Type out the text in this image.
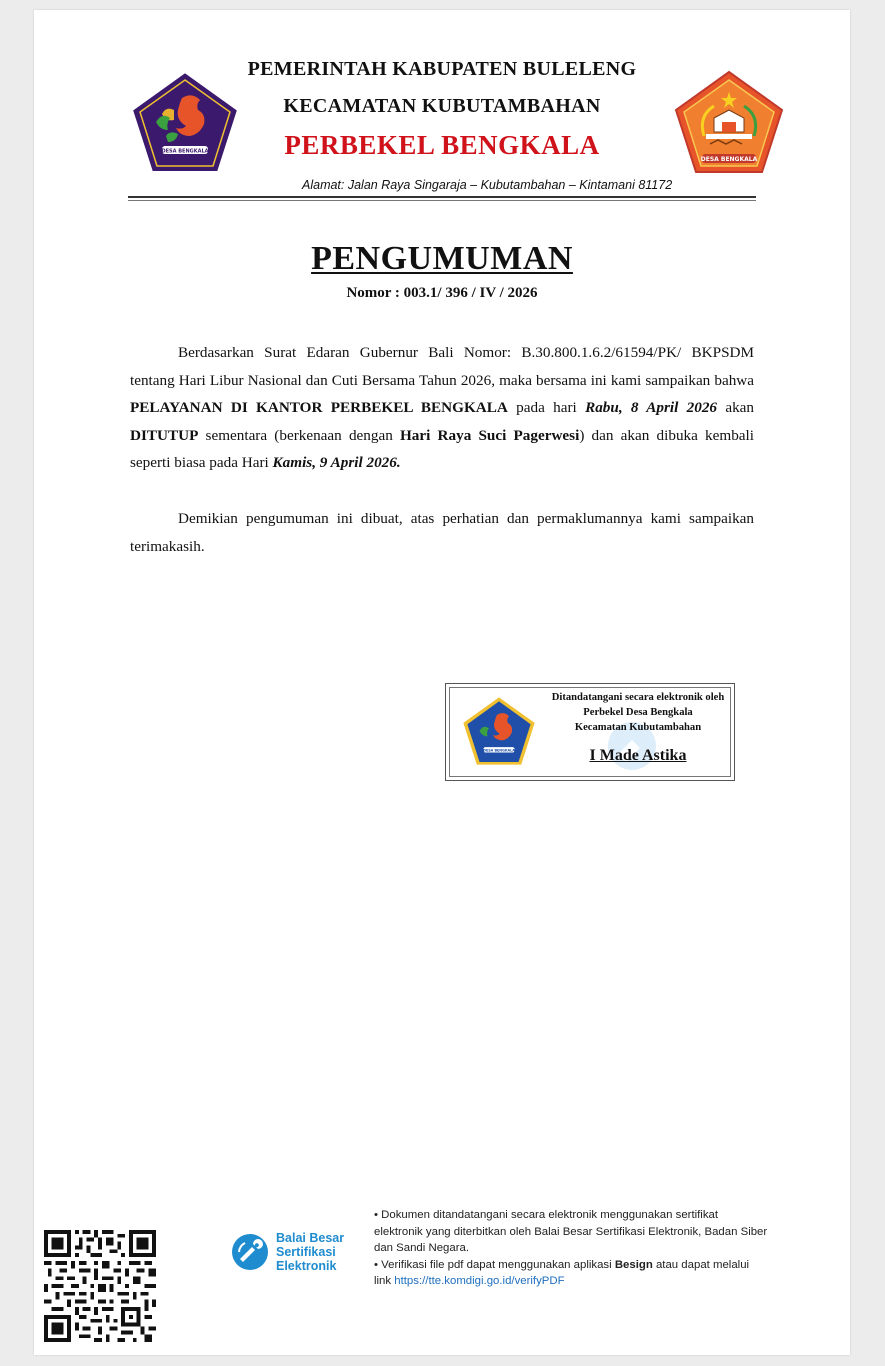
DESA BENGKALA
DESA BENGKALA
PEMERINTAH KABUPATEN BULELENG
KECAMATAN KUBUTAMBAHAN
PERBEKEL BENGKALA
Alamat: Jalan Raya Singaraja – Kubutambahan – Kintamani 81172
PENGUMUMAN
Nomor : 003.1/ 396 / IV / 2026
Berdasarkan Surat Edaran Gubernur Bali Nomor: B.30.800.1.6.2/61594/PK/ BKPSDM tentang Hari Libur Nasional dan Cuti Bersama Tahun 2026, maka bersama ini kami sampaikan bahwa PELAYANAN DI KANTOR PERBEKEL BENGKALA pada hari Rabu, 8 April 2026 akan DITUTUP sementara (berkenaan dengan Hari Raya Suci Pagerwesi) dan akan dibuka kembali seperti biasa pada Hari Kamis, 9 April 2026.
Demikian pengumuman ini dibuat, atas perhatian dan permaklumannya kami sampaikan terimakasih.
DESA BENGKALA
Ditandatangani secara elektronik oleh
Perbekel Desa Bengkala
Kecamatan Kubutambahan
I Made Astika
Balai Besar
Sertifikasi
Elektronik
• Dokumen ditandatangani secara elektronik menggunakan sertifikat elektronik yang diterbitkan oleh Balai Besar Sertifikasi Elektronik, Badan Siber dan Sandi Negara.
• Verifikasi file pdf dapat menggunakan aplikasi Besign atau dapat melalui link https://tte.komdigi.go.id/verifyPDF
